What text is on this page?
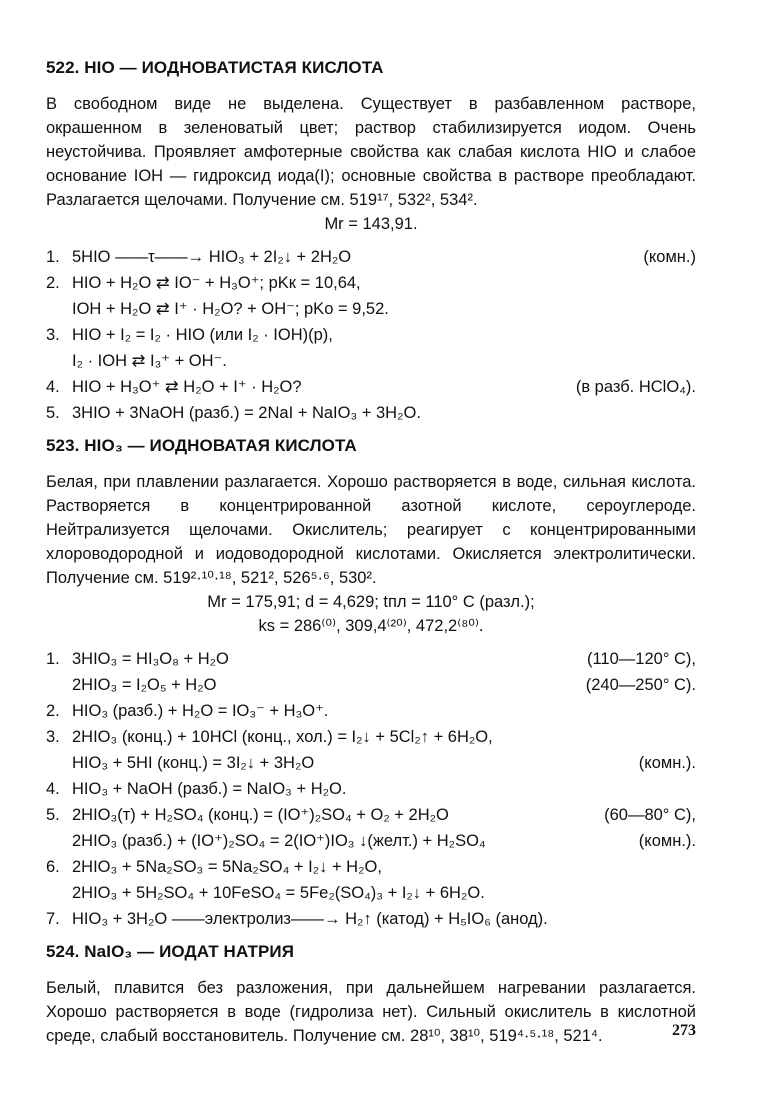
522. HIO — ИОДНОВАТИСТАЯ КИСЛОТА

В свободном виде не выделена. Существует в разбавленном растворе, окрашенном в зеленоватый цвет; раствор стабилизируется иодом. Очень неустойчива. Проявляет амфотерные свойства как слабая кислота HIO и слабое основание IOH — гидроксид иода(I); основные свойства в растворе преобладают. Разлагается щелочами. Получение см. 519¹⁷, 532², 534².

Mr = 143,91.
1. 5HIO ——τ——→ HIO₃ + 2I₂↓ + 2H₂O	(комн.)
2. HIO + H₂O ⇄ IO⁻ + H₃O⁺; pKк = 10,64,
IOH + H₂O ⇄ I⁺ · H₂O? + OH⁻; pKо = 9,52.
3. HIO + I₂ = I₂ · HIO (или I₂ · IOH)(р),
I₂ · IOH ⇄ I₃⁺ + OH⁻.
4. HIO + H₃O⁺ ⇄ H₂O + I⁺ · H₂O?	(в разб. HClO₄).
5. 3HIO + 3NaOH (разб.) = 2NaI + NaIO₃ + 3H₂O.
523. HIO₃ — ИОДНОВАТАЯ КИСЛОТА

Белая, при плавлении разлагается. Хорошо растворяется в воде, сильная кислота. Растворяется в концентрированной азотной кислоте, сероуглероде. Нейтрализуется щелочами. Окислитель; реагирует с концентрированными хлороводородной и иодоводородной кислотами. Окисляется электролитически. Получение см. 519²·¹⁰·¹⁸, 521², 526⁵·⁶, 530².

Mr = 175,91; d = 4,629; tпл = 110° C (разл.);
ks = 286⁽⁰⁾, 309,4⁽²⁰⁾, 472,2⁽⁸⁰⁾.
1. 3HIO₃ = HI₃O₈ + H₂O	(110—120° C),
2HIO₃ = I₂O₅ + H₂O	(240—250° C).
2. HIO₃ (разб.) + H₂O = IO₃⁻ + H₃O⁺.
3. 2HIO₃ (конц.) + 10HCl (конц., хол.) = I₂↓ + 5Cl₂↑ + 6H₂O,
HIO₃ + 5HI (конц.) = 3I₂↓ + 3H₂O	(комн.).
4. HIO₃ + NaOH (разб.) = NaIO₃ + H₂O.
5. 2HIO₃(т) + H₂SO₄ (конц.) = (IO⁺)₂SO₄ + O₂ + 2H₂O	(60—80° C),
2HIO₃ (разб.) + (IO⁺)₂SO₄ = 2(IO⁺)IO₃ ↓(желт.) + H₂SO₄	(комн.).
6. 2HIO₃ + 5Na₂SO₃ = 5Na₂SO₄ + I₂↓ + H₂O,
2HIO₃ + 5H₂SO₄ + 10FeSO₄ = 5Fe₂(SO₄)₃ + I₂↓ + 6H₂O.
7. HIO₃ + 3H₂O ——электролиз——→ H₂↑ (катод) + H₅IO₆ (анод).
524. NaIO₃ — ИОДАТ НАТРИЯ

Белый, плавится без разложения, при дальнейшем нагревании разлагается. Хорошо растворяется в воде (гидролиза нет). Сильный окислитель в кислотной среде, слабый восстановитель. Получение см. 28¹⁰, 38¹⁰, 519⁴·⁵·¹⁸, 521⁴.	273
